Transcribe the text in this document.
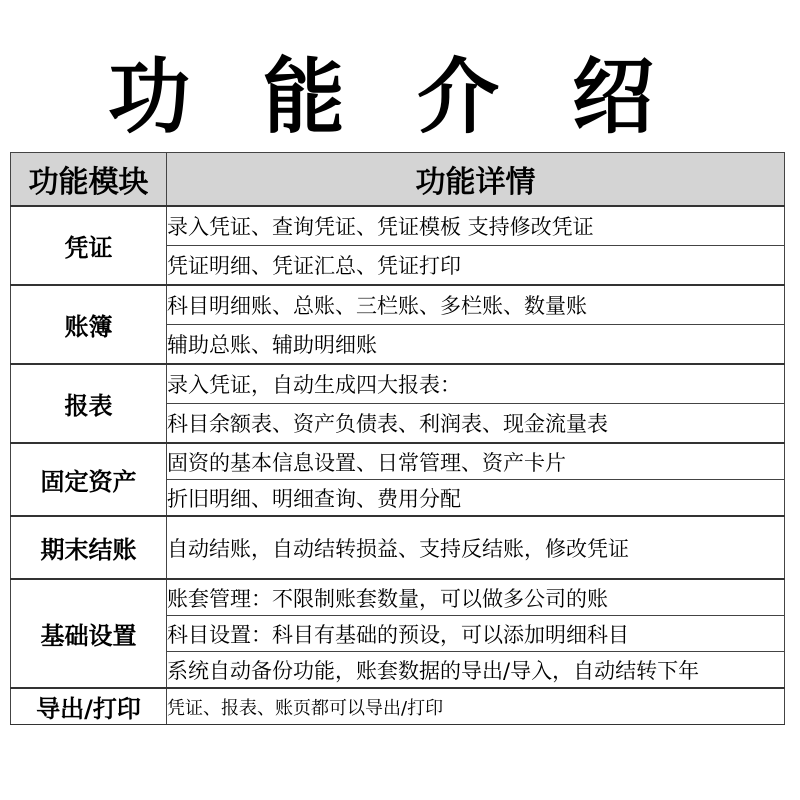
功 能 介 绍
功能模块	功能详情
凭证	录入凭证、查询凭证、凭证模板 支持修改凭证
	凭证明细、凭证汇总、凭证打印
账簿	科目明细账、总账、三栏账、多栏账、数量账
	辅助总账、辅助明细账
报表	录入凭证，自动生成四大报表：
	科目余额表、资产负债表、利润表、现金流量表
固定资产	固资的基本信息设置、日常管理、资产卡片
	折旧明细、明细查询、费用分配
期末结账	自动结账，自动结转损益、支持反结账，修改凭证
基础设置	账套管理：不限制账套数量，可以做多公司的账
	科目设置：科目有基础的预设，可以添加明细科目
	系统自动备份功能，账套数据的导出/导入，自动结转下年
导出/打印	凭证、报表、账页都可以导出/打印
